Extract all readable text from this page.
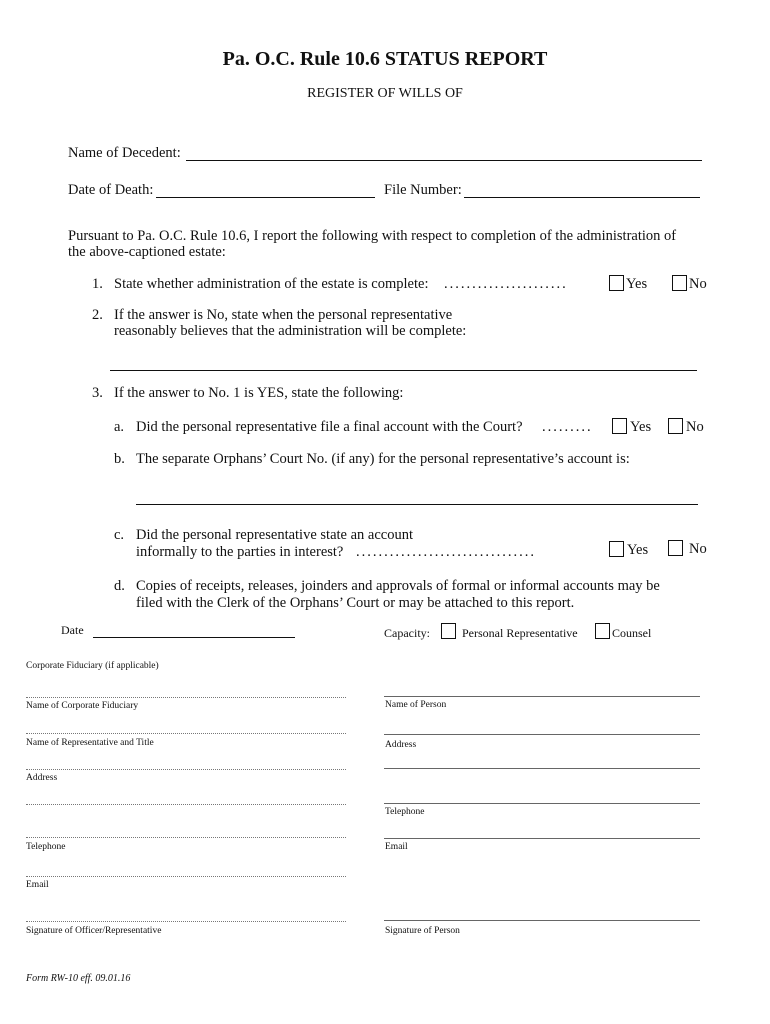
Pa. O.C. Rule 10.6 STATUS REPORT
REGISTER OF WILLS OF
Name of Decedent:
Date of Death:	File Number:
Pursuant to Pa. O.C. Rule 10.6, I report the following with respect to completion of the administration of
the above-captioned estate:
1. State whether administration of the estate is complete: ......................	Yes	No
2. If the answer is No, state when the personal representative
reasonably believes that the administration will be complete:
3. If the answer to No. 1 is YES, state the following:
a. Did the personal representative file a final account with the Court? .........	Yes No
b. The separate Orphans’ Court No. (if any) for the personal representative’s account is:
c. Did the personal representative state an account
informally to the parties in interest? ................................	Yes	No
d. Copies of receipts, releases, joinders and approvals of formal or informal accounts may be
filed with the Clerk of the Orphans’ Court or may be attached to this report.
Date	Capacity:	Personal Representative	Counsel
Corporate Fiduciary (if applicable)
Name of Corporate Fiduciary
Name of Representative and Title
Address
Telephone
Email
Signature of Officer/Representative
Name of Person
Address
Telephone
Email
Signature of Person
Form RW-10 eff. 09.01.16
